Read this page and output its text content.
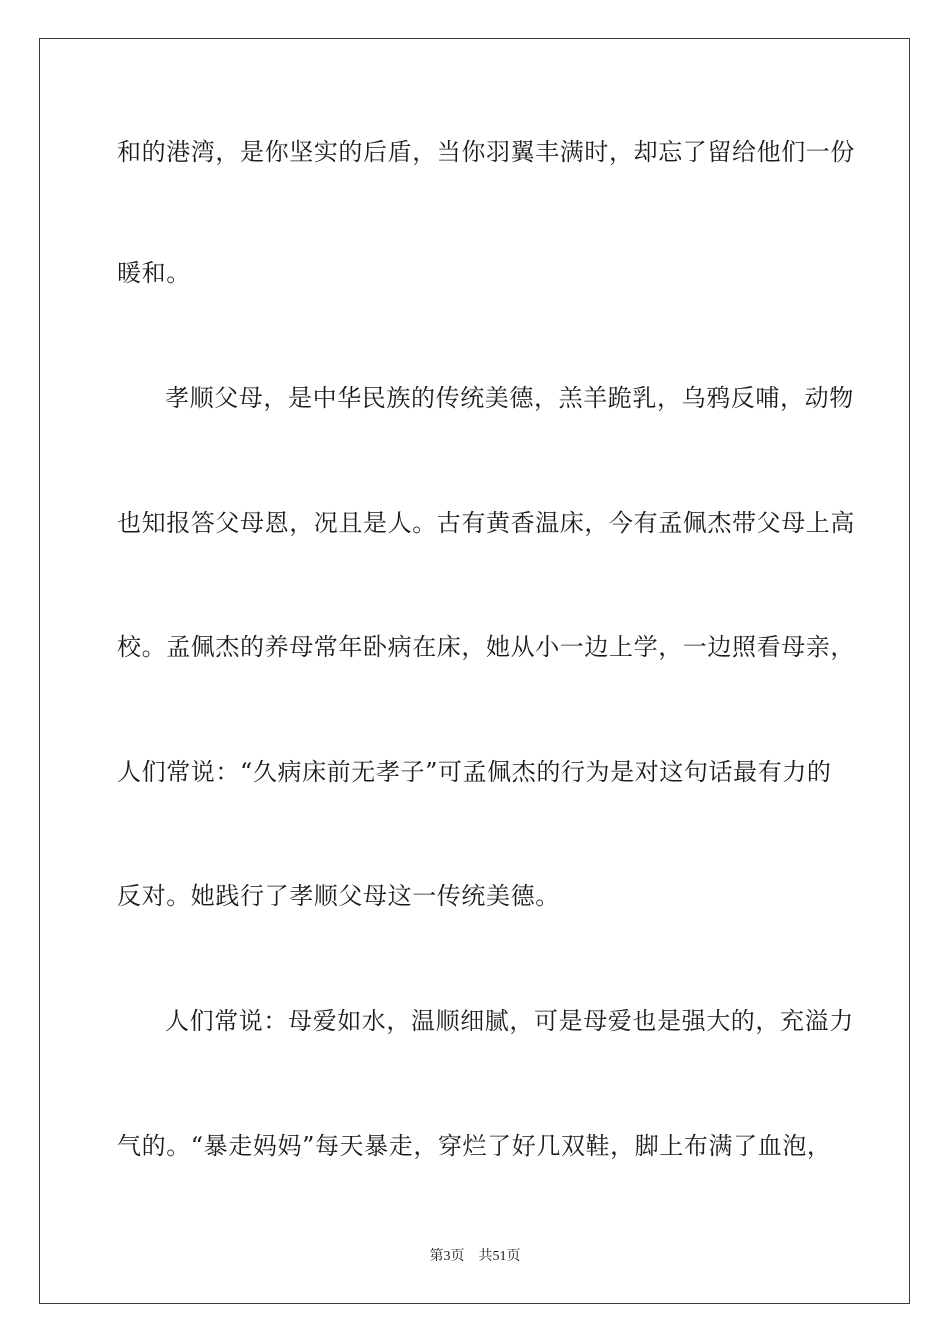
和的港湾，是你坚实的后盾，当你羽翼丰满时，却忘了留给他们一份
暖和。
孝顺父母，是中华民族的传统美德，羔羊跪乳，乌鸦反哺，动物
也知报答父母恩，况且是人。古有黄香温床，今有孟佩杰带父母上高
校。孟佩杰的养母常年卧病在床，她从小一边上学，一边照看母亲，
人们常说：“久病床前无孝子”可孟佩杰的行为是对这句话最有力的
反对。她践行了孝顺父母这一传统美德。
人们常说：母爱如水，温顺细腻，可是母爱也是强大的，充溢力
气的。“暴走妈妈”每天暴走，穿烂了好几双鞋，脚上布满了血泡，
第3页 共51页
